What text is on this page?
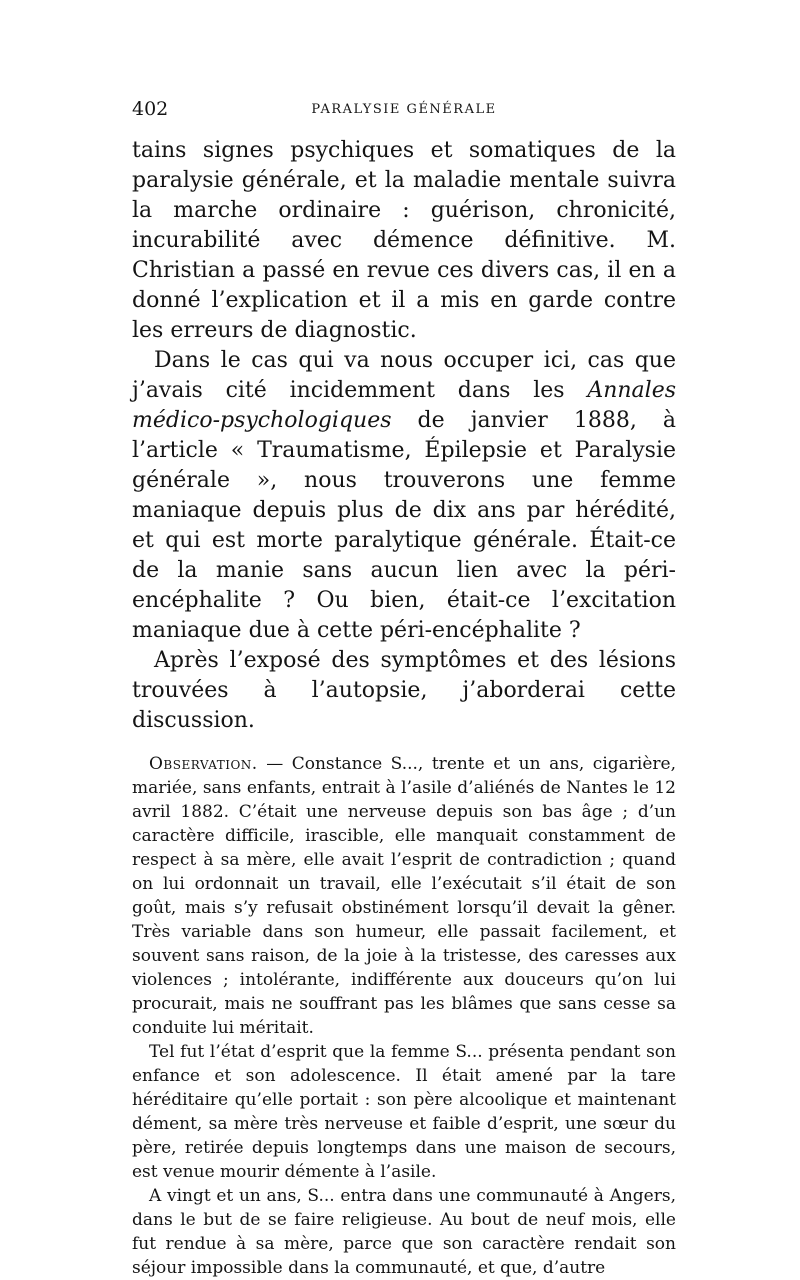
402	PARALYSIE GÉNÉRALE

tains signes psychiques et somatiques de la paralysie générale, et la maladie mentale suivra la marche ordinaire : guérison, chronicité, incurabilité avec démence définitive. M. Christian a passé en revue ces divers cas, il en a donné l’explication et il a mis en garde contre les erreurs de diagnostic.

Dans le cas qui va nous occuper ici, cas que j’avais cité incidemment dans les Annales médico-psychologiques de janvier 1888, à l’article « Traumatisme, Épilepsie et Paralysie générale », nous trouverons une femme maniaque depuis plus de dix ans par hérédité, et qui est morte paralytique générale. Était-ce de la manie sans aucun lien avec la péri-encéphalite ? Ou bien, était-ce l’excitation maniaque due à cette péri-encéphalite ?

Après l’exposé des symptômes et des lésions trouvées à l’autopsie, j’aborderai cette discussion.

Observation. — Constance S..., trente et un ans, cigarière, mariée, sans enfants, entrait à l’asile d’aliénés de Nantes le 12 avril 1882. C’était une nerveuse depuis son bas âge ; d’un caractère difficile, irascible, elle manquait constamment de respect à sa mère, elle avait l’esprit de contradiction ; quand on lui ordonnait un travail, elle l’exécutait s’il était de son goût, mais s’y refusait obstinément lorsqu’il devait la gêner. Très variable dans son humeur, elle passait facilement, et souvent sans raison, de la joie à la tristesse, des caresses aux violences ; intolérante, indifférente aux douceurs qu’on lui procurait, mais ne souffrant pas les blâmes que sans cesse sa conduite lui méritait.

Tel fut l’état d’esprit que la femme S... présenta pendant son enfance et son adolescence. Il était amené par la tare héréditaire qu’elle portait : son père alcoolique et maintenant dément, sa mère très nerveuse et faible d’esprit, une sœur du père, retirée depuis longtemps dans une maison de secours, est venue mourir démente à l’asile.

A vingt et un ans, S... entra dans une communauté à Angers, dans le but de se faire religieuse. Au bout de neuf mois, elle fut rendue à sa mère, parce que son caractère rendait son séjour impossible dans la communauté, et que, d’autre
